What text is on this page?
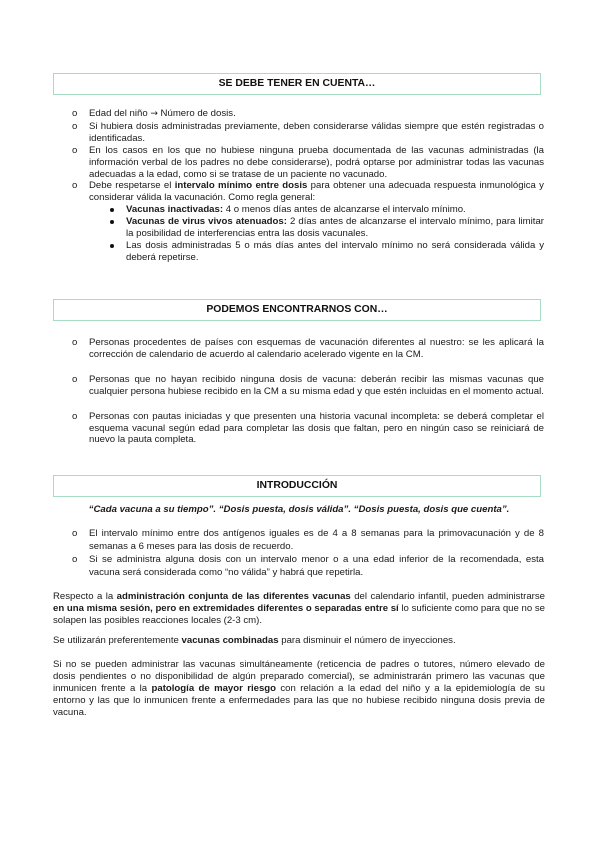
SE DEBE TENER EN CUENTA…
o Edad del niño → Número de dosis.
o Si hubiera dosis administradas previamente, deben considerarse válidas siempre que estén registradas o identificadas.
o En los casos en los que no hubiese ninguna prueba documentada de las vacunas administradas (la información verbal de los padres no debe considerarse), podrá optarse por administrar todas las vacunas adecuadas a la edad, como si se tratase de un paciente no vacunado.
o Debe respetarse el intervalo mínimo entre dosis para obtener una adecuada respuesta inmunológica y considerar válida la vacunación. Como regla general:
Vacunas inactivadas: 4 o menos días antes de alcanzarse el intervalo mínimo.
Vacunas de virus vivos atenuados: 2 días antes de alcanzarse el intervalo mínimo, para limitar la posibilidad de interferencias entra las dosis vacunales.
Las dosis administradas 5 o más días antes del intervalo mínimo no será considerada válida y deberá repetirse.
PODEMOS ENCONTRARNOS CON…
o Personas procedentes de países con esquemas de vacunación diferentes al nuestro: se les aplicará la corrección de calendario de acuerdo al calendario acelerado vigente en la CM.
o Personas que no hayan recibido ninguna dosis de vacuna: deberán recibir las mismas vacunas que cualquier persona hubiese recibido en la CM a su misma edad y que estén incluidas en el momento actual.
o Personas con pautas iniciadas y que presenten una historia vacunal incompleta: se deberá completar el esquema vacunal según edad para completar las dosis que faltan, pero en ningún caso se reiniciará de nuevo la pauta completa.
INTRODUCCIÓN
“Cada vacuna a su tiempo”. “Dosis puesta, dosis válida”. “Dosis puesta, dosis que cuenta”.
o El intervalo mínimo entre dos antígenos iguales es de 4 a 8 semanas para la primovacunación y de 8 semanas a 6 meses para las dosis de recuerdo.
o Si se administra alguna dosis con un intervalo menor o a una edad inferior de la recomendada, esta vacuna será considerada como “no válida” y habrá que repetirla.
Respecto a la administración conjunta de las diferentes vacunas del calendario infantil, pueden administrarse en una misma sesión, pero en extremidades diferentes o separadas entre sí lo suficiente como para que no se solapen las posibles reacciones locales (2-3 cm).
Se utilizarán preferentemente vacunas combinadas para disminuir el número de inyecciones.
Si no se pueden administrar las vacunas simultáneamente (reticencia de padres o tutores, número elevado de dosis pendientes o no disponibilidad de algún preparado comercial), se administrarán primero las vacunas que inmunicen frente a la patología de mayor riesgo con relación a la edad del niño y a la epidemiología de su entorno y las que lo inmunicen frente a enfermedades para las que no hubiese recibido ninguna dosis previa de vacuna.
